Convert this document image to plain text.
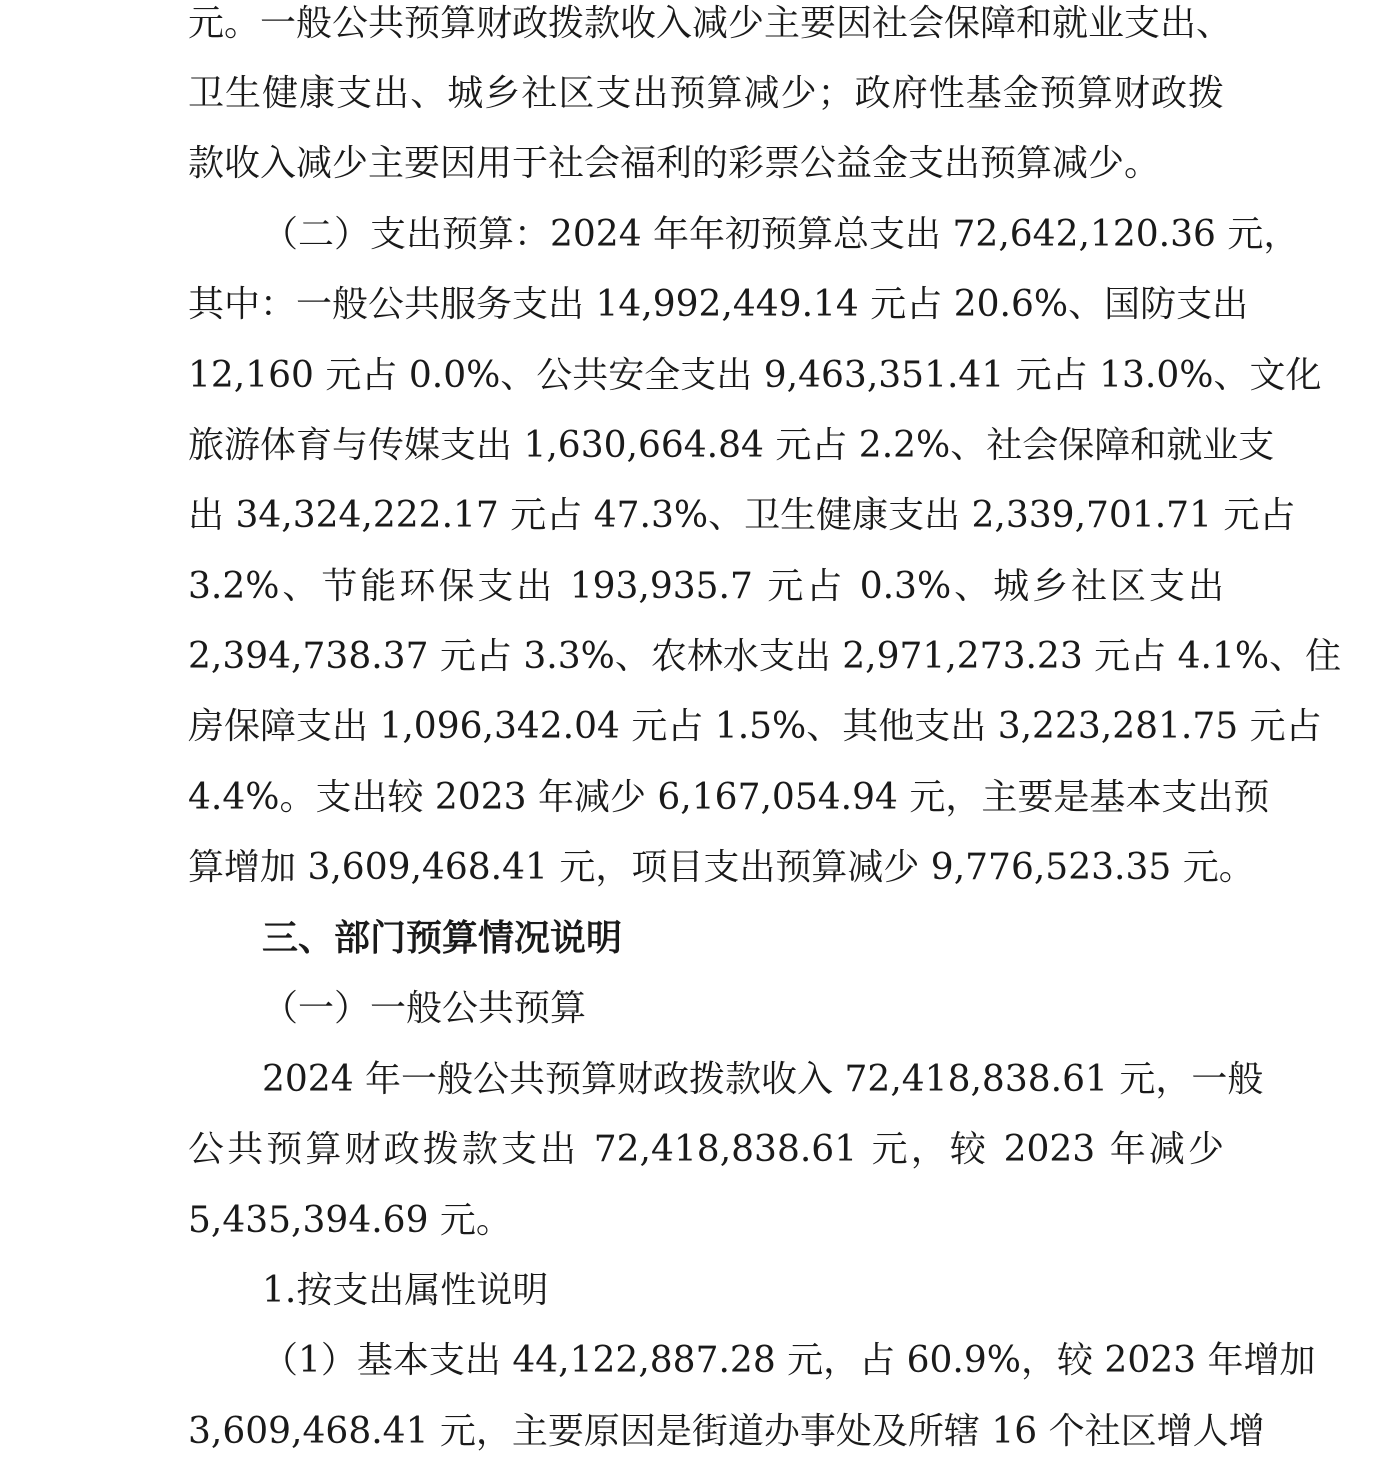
元。一般公共预算财政拨款收入减少主要因社会保障和就业支出、
卫生健康支出、城乡社区支出预算减少；政府性基金预算财政拨
款收入减少主要因用于社会福利的彩票公益金支出预算减少。
（二）支出预算：2024 年年初预算总支出 72,642,120.36 元，
其中：一般公共服务支出 14,992,449.14 元占 20.6%、国防支出
12,160 元占 0.0%、公共安全支出 9,463,351.41 元占 13.0%、文化
旅游体育与传媒支出 1,630,664.84 元占 2.2%、社会保障和就业支
出 34,324,222.17 元占 47.3%、卫生健康支出 2,339,701.71 元占
3.2%、节能环保支出 193,935.7 元占 0.3%、城乡社区支出
2,394,738.37 元占 3.3%、农林水支出 2,971,273.23 元占 4.1%、住
房保障支出 1,096,342.04 元占 1.5%、其他支出 3,223,281.75 元占
4.4%。支出较 2023 年减少 6,167,054.94 元，主要是基本支出预
算增加 3,609,468.41 元，项目支出预算减少 9,776,523.35 元。
三、部门预算情况说明
（一）一般公共预算
2024 年一般公共预算财政拨款收入 72,418,838.61 元，一般
公共预算财政拨款支出 72,418,838.61 元，较 2023 年减少
5,435,394.69 元。
1.按支出属性说明
（1）基本支出 44,122,887.28 元，占 60.9%，较 2023 年增加
3,609,468.41 元，主要原因是街道办事处及所辖 16 个社区增人增
